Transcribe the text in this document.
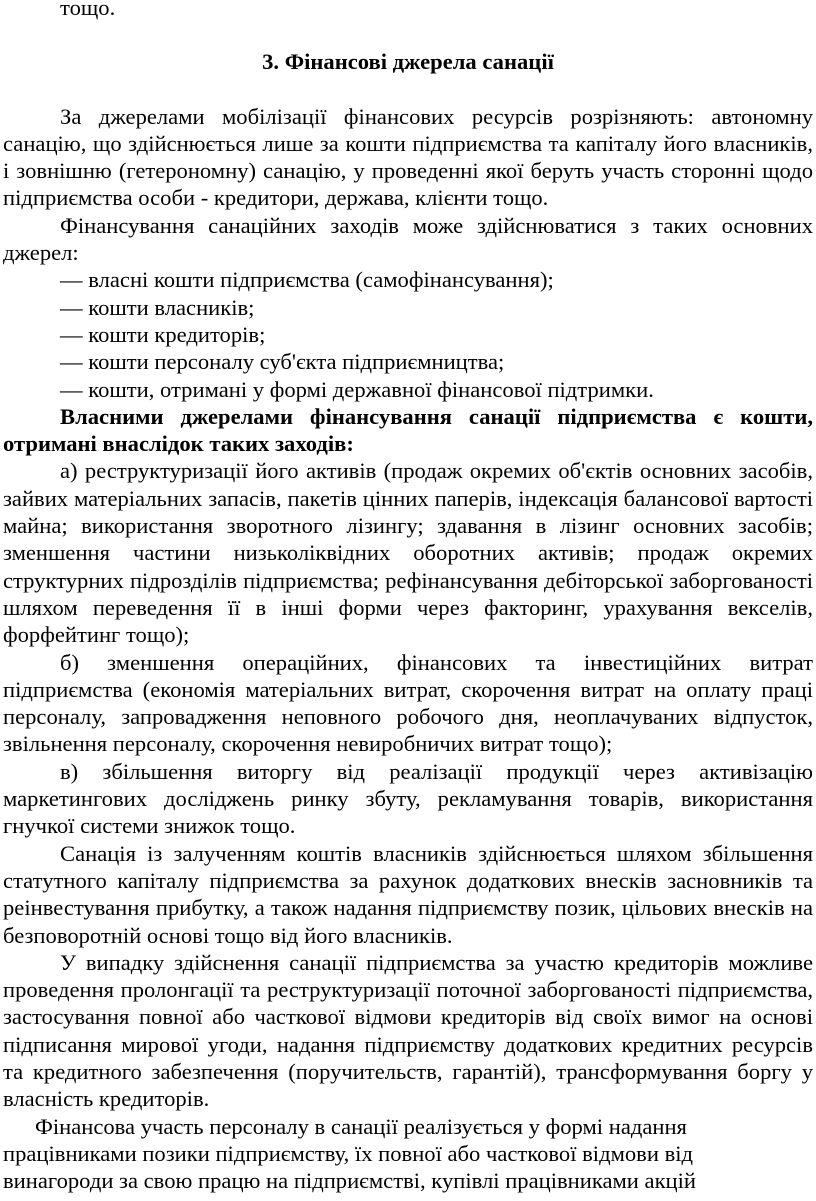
тощо.

3. Фінансові джерела санації

За джерелами мобілізації фінансових ресурсів розрізняють: автономну санацію, що здійснюється лише за кошти підприємства та капіталу його власників, і зовнішню (гетерономну) санацію, у проведенні якої беруть участь сторонні щодо підприємства особи - кредитори, держава, клієнти тощо.

Фінансування санаційних заходів може здійснюватися з таких основних джерел:

— власні кошти підприємства (самофінансування);

— кошти власників;

— кошти кредиторів;

— кошти персоналу суб'єкта підприємництва;

— кошти, отримані у формі державної фінансової підтримки.

Власними джерелами фінансування санації підприємства є кошти, отримані внаслідок таких заходів:

а) реструктуризації його активів (продаж окремих об'єктів основних засобів, зайвих матеріальних запасів, пакетів цінних паперів, індексація балансової вартості майна; використання зворотного лізингу; здавання в лізинг основних засобів; зменшення частини низьколіквідних оборотних активів; продаж окремих структурних підрозділів підприємства; рефінансування дебіторської заборгованості шляхом переведення її в інші форми через факторинг, урахування векселів, форфейтинг тощо);

б) зменшення операційних, фінансових та інвестиційних витрат підприємства (економія матеріальних витрат, скорочення витрат на оплату праці персоналу, запровадження неповного робочого дня, неоплачуваних відпусток, звільнення персоналу, скорочення невиробничих витрат тощо);

в) збільшення виторгу від реалізації продукції через активізацію маркетингових досліджень ринку збуту, рекламування товарів, використання гнучкої системи знижок тощо.

Санація із залученням коштів власників здійснюється шляхом збільшення статутного капіталу підприємства за рахунок додаткових внесків засновників та реінвестування прибутку, а також надання підприємству позик, цільових внесків на безповоротній основі тощо від його власників.

У випадку здійснення санації підприємства за участю кредиторів можливе проведення пролонгації та реструктуризації поточної заборгованості підприємства, застосування повної або часткової відмови кредиторів від своїх вимог на основі підписання мирової угоди, надання підприємству додаткових кредитних ресурсів та кредитного забезпечення (поручительств, гарантій), трансформування боргу у власність кредиторів.

Фінансова участь персоналу в санації реалізується у формі надання
працівниками позики підприємству, їх повної або часткової відмови від
винагороди за свою працю на підприємстві, купівлі працівниками акцій
